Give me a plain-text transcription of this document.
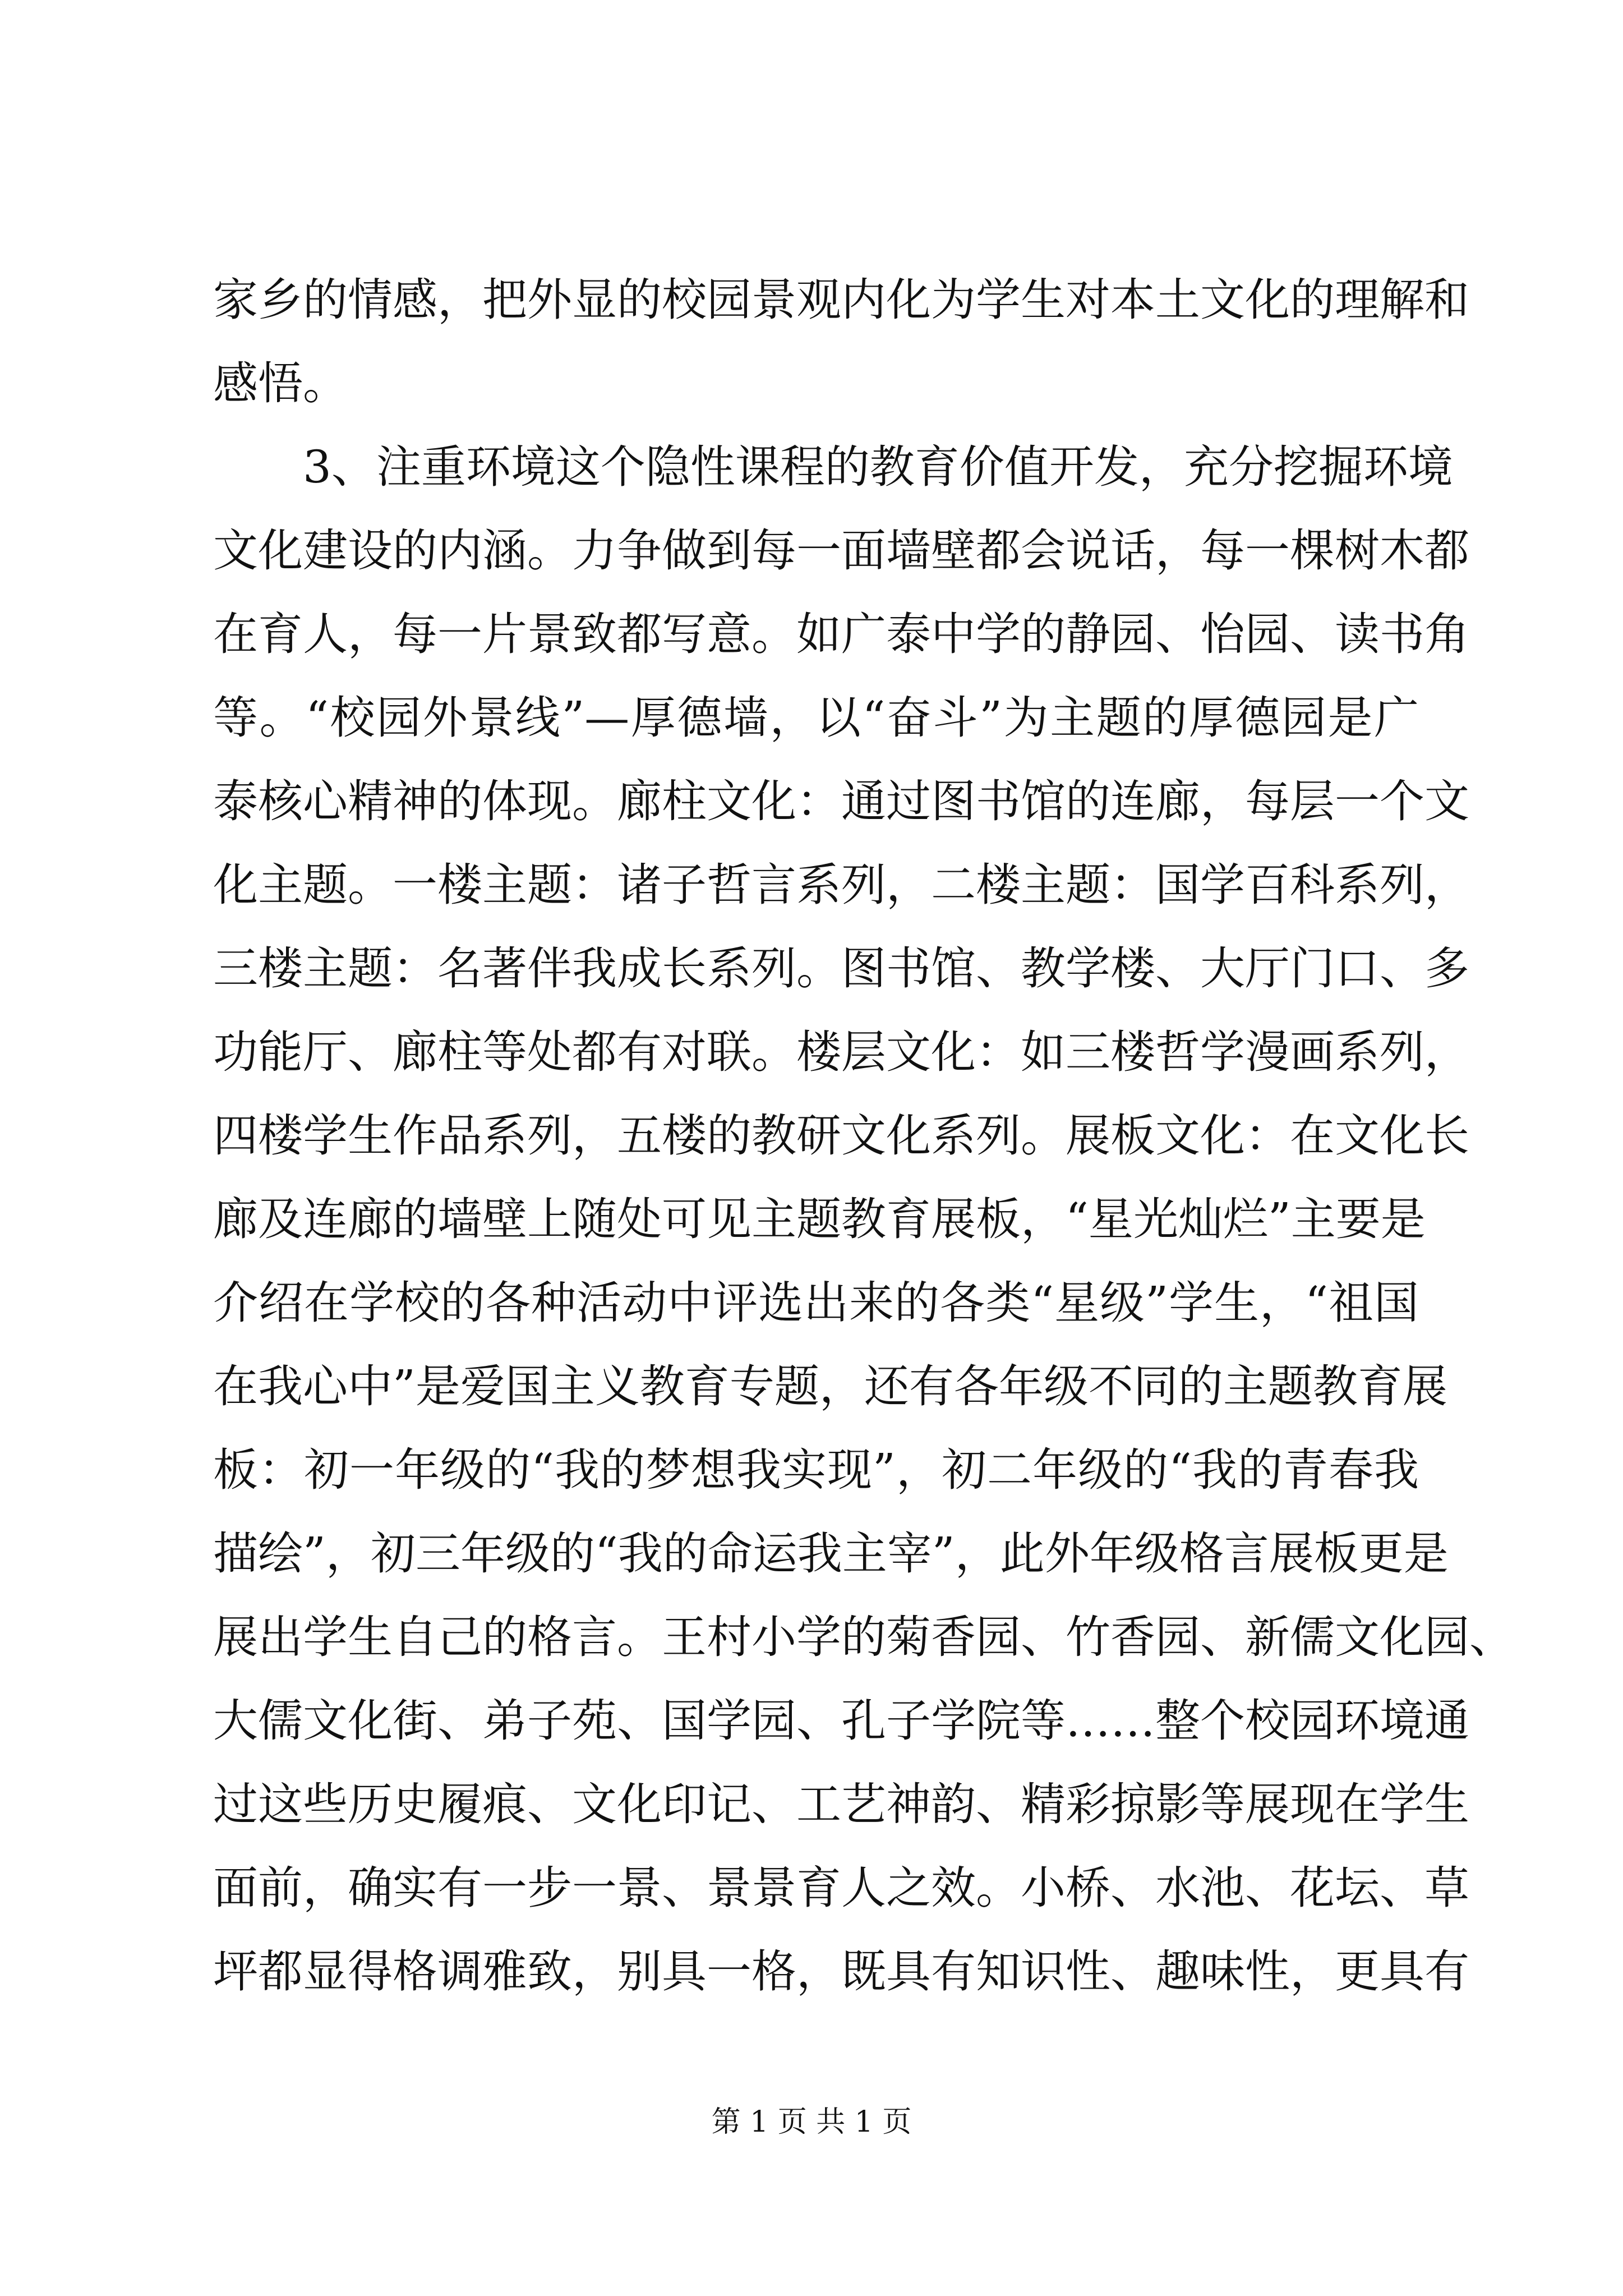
家乡的情感，把外显的校园景观内化为学生对本土文化的理解和
感悟。
3、注重环境这个隐性课程的教育价值开发，充分挖掘环境
文化建设的内涵。力争做到每一面墙壁都会说话，每一棵树木都
在育人，每一片景致都写意。如广泰中学的静园、怡园、读书角
等。“校园外景线”—厚德墙，以“奋斗”为主题的厚德园是广
泰核心精神的体现。廊柱文化：通过图书馆的连廊，每层一个文
化主题。一楼主题：诸子哲言系列，二楼主题：国学百科系列，
三楼主题：名著伴我成长系列。图书馆、教学楼、大厅门口、多
功能厅、廊柱等处都有对联。楼层文化：如三楼哲学漫画系列，
四楼学生作品系列，五楼的教研文化系列。展板文化：在文化长
廊及连廊的墙壁上随处可见主题教育展板，“星光灿烂”主要是
介绍在学校的各种活动中评选出来的各类“星级”学生，“祖国
在我心中”是爱国主义教育专题，还有各年级不同的主题教育展
板：初一年级的“我的梦想我实现”，初二年级的“我的青春我
描绘”，初三年级的“我的命运我主宰”，此外年级格言展板更是
展出学生自己的格言。王村小学的菊香园、竹香园、新儒文化园、
大儒文化街、弟子苑、国学园、孔子学院等……整个校园环境通
过这些历史履痕、文化印记、工艺神韵、精彩掠影等展现在学生
面前，确实有一步一景、景景育人之效。小桥、水池、花坛、草
坪都显得格调雅致，别具一格，既具有知识性、趣味性，更具有
第 1 页 共 1 页
